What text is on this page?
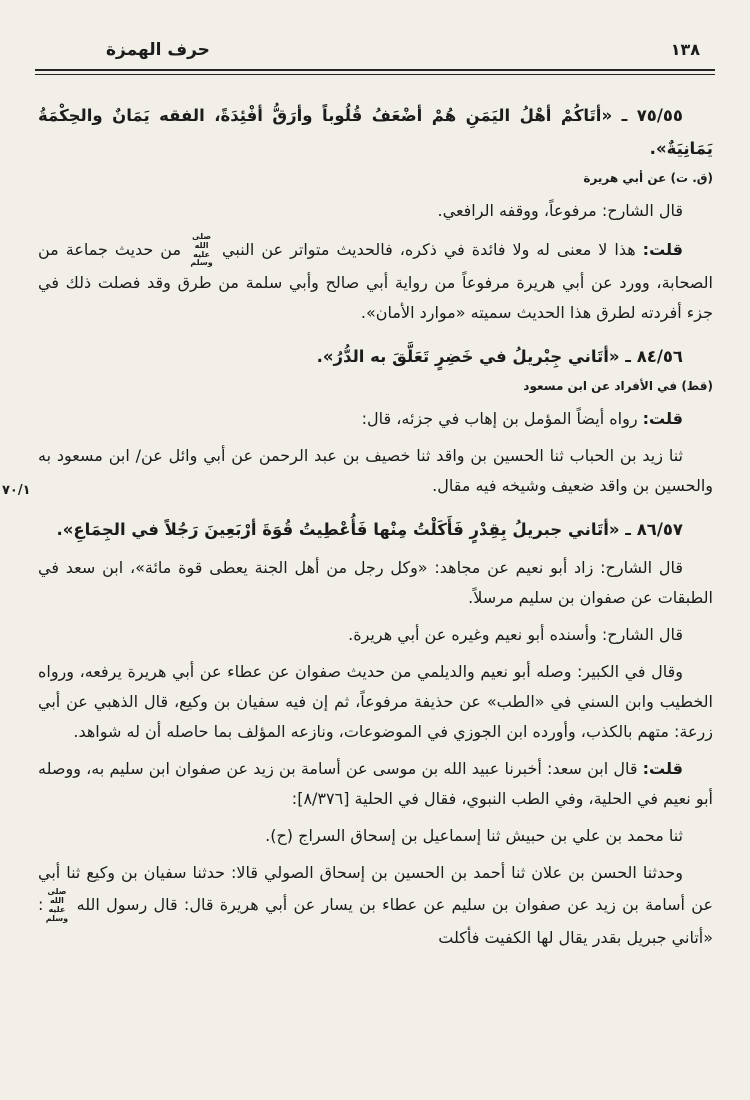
١٣٨
حرف الهمزة

٧٥/٥٥ ـ «أتَاكُمْ أهْلُ اليَمَنِ هُمْ أضْعَفُ قُلُوباً وأرَقُّ أفْئِدَةً، الفقه يَمَانٌ والحِكْمَةُ يَمَانِيَةٌ».

(ق. ت) عن أبي هريرة

قال الشارح: مرفوعاً، ووقفه الرافعي.

قلت: هذا لا معنى له ولا فائدة في ذكره، فالحديث متواتر عن النبي صلى الله عليه وسلم من حديث جماعة من الصحابة، وورد عن أبي هريرة مرفوعاً من رواية أبي صالح وأبي سلمة من طرق وقد فصلت ذلك في جزء أفردته لطرق هذا الحديث سميته «موارد الأمان».

٨٤/٥٦ ـ «أتَاني جِبْريلُ في خَضِرٍ تَعَلَّقَ به الدُّرُ».

(قط) في الأفراد عن ابن مسعود

قلت: رواه أيضاً المؤمل بن إهاب في جزئه، قال:

ثنا زيد بن الحباب ثنا الحسين بن واقد ثنا خصيف بن عبد الرحمن عن أبي وائل عن/ ابن مسعود به والحسين بن واقد ضعيف وشيخه فيه مقال.
٧٠/١

٨٦/٥٧ ـ «أتَاني جبريلُ بِقِدْرٍ فَأَكَلْتُ مِنْها فَأُعْطِيتُ قُوَةَ أرْبَعِينَ رَجُلاً في الجِمَاعِ».

قال الشارح: زاد أبو نعيم عن مجاهد: «وكل رجل من أهل الجنة يعطى قوة مائة»، ابن سعد في الطبقات عن صفوان بن سليم مرسلاً.

قال الشارح: وأسنده أبو نعيم وغيره عن أبي هريرة.

وقال في الكبير: وصله أبو نعيم والديلمي من حديث صفوان عن عطاء عن أبي هريرة يرفعه، ورواه الخطيب وابن السني في «الطب» عن حذيفة مرفوعاً، ثم إن فيه سفيان بن وكيع، قال الذهبي عن أبي زرعة: متهم بالكذب، وأورده ابن الجوزي في الموضوعات، ونازعه المؤلف بما حاصله أن له شواهد.

قلت: قال ابن سعد: أخبرنا عبيد الله بن موسى عن أسامة بن زيد عن صفوان ابن سليم به، ووصله أبو نعيم في الحلية، وفي الطب النبوي، فقال في الحلية [٨/٣٧٦]:

ثنا محمد بن علي بن حبيش ثنا إسماعيل بن إسحاق السراج (ح).

وحدثنا الحسن بن علان ثنا أحمد بن الحسين بن إسحاق الصولي قالا: حدثنا سفيان بن وكيع ثنا أبي عن أسامة بن زيد عن صفوان بن سليم عن عطاء بن يسار عن أبي هريرة قال: قال رسول الله صلى الله عليه وسلم: «أتاني جبريل بقدر يقال لها الكفيت فأكلت
